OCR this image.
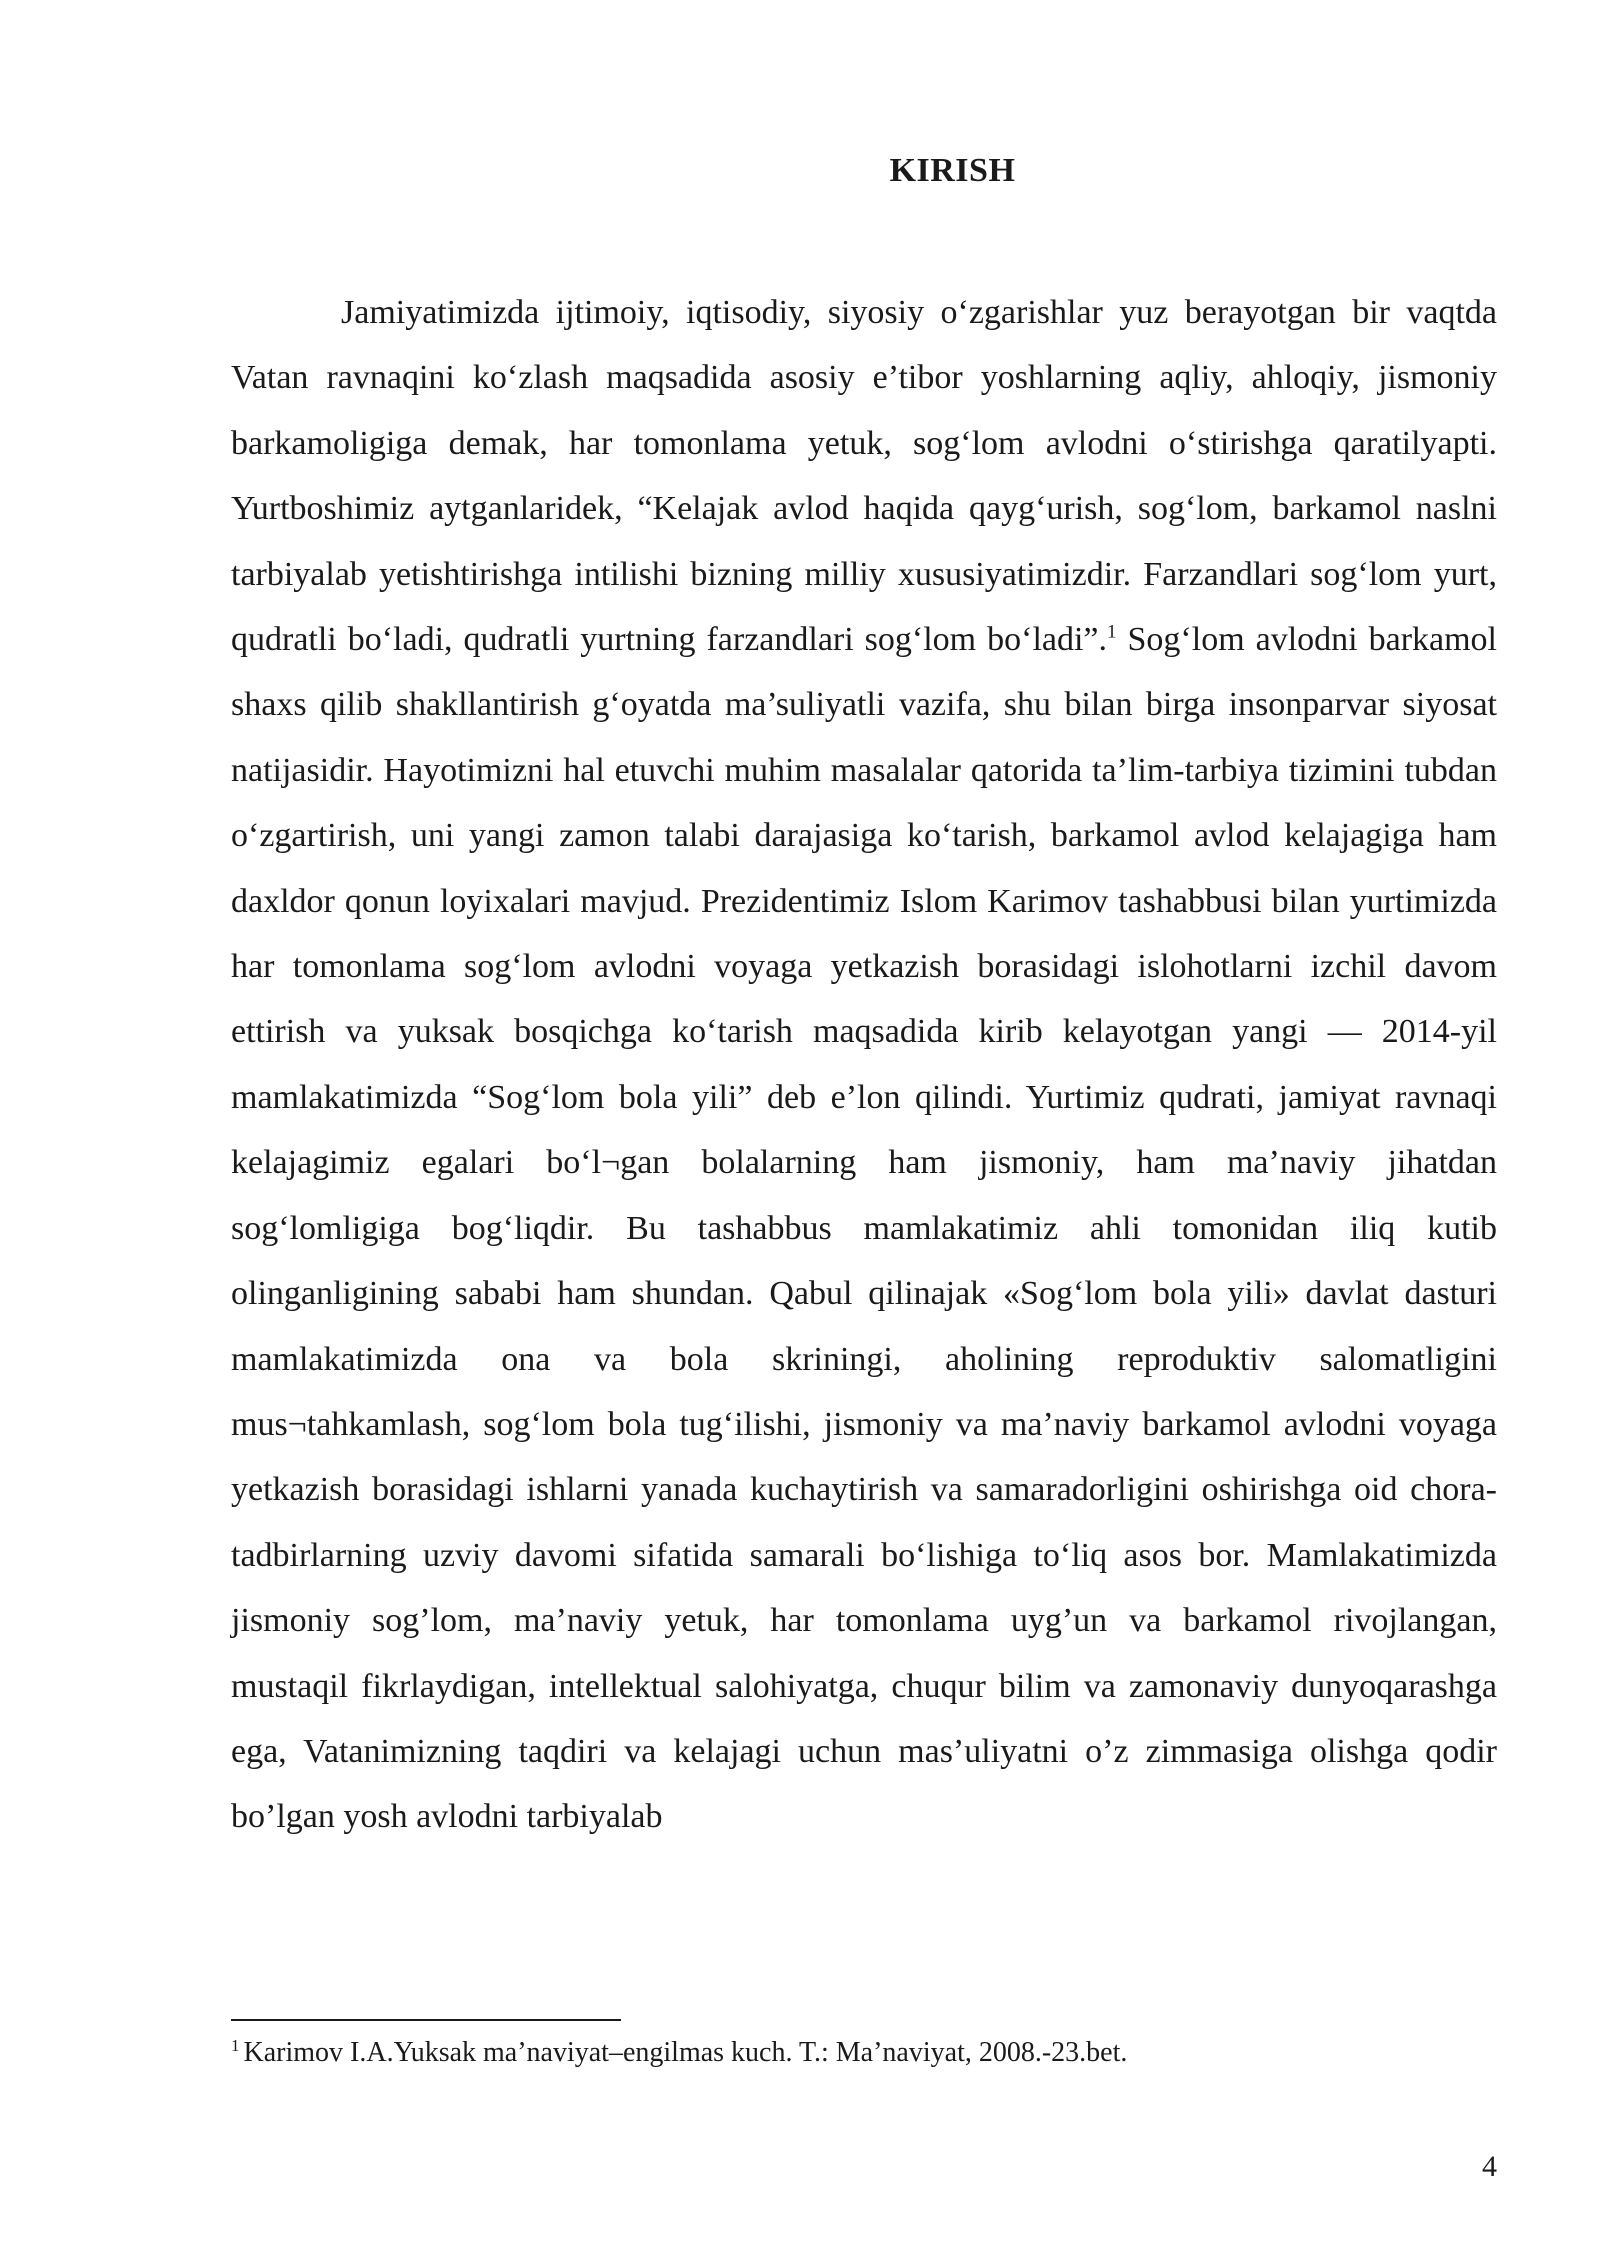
KIRISH

Jamiyatimizda ijtimoiy, iqtisodiy, siyosiy o‘zgarishlar yuz berayotgan bir vaqtda Vatan ravnaqini ko‘zlash maqsadida asosiy e’tibor yoshlarning aqliy, ahloqiy, jismoniy barkamoligiga demak, har tomonlama yetuk, sog‘lom avlodni o‘stirishga qaratilyapti. Yurtboshimiz aytganlaridek, “Kelajak avlod haqida qayg‘urish, sog‘lom, barkamol naslni tarbiyalab yetishtirishga intilishi bizning milliy xususiyatimizdir. Farzandlari sog‘lom yurt, qudratli bo‘ladi, qudratli yurtning farzandlari sog‘lom bo‘ladi”.$^1$ Sog‘lom avlodni barkamol shaxs qilib shakllantirish g‘oyatda ma’suliyatli vazifa, shu bilan birga insonparvar siyosat natijasidir. Hayotimizni hal etuvchi muhim masalalar qatorida ta’lim-tarbiya tizimini tubdan o‘zgartirish, uni yangi zamon talabi darajasiga ko‘tarish, barkamol avlod kelajagiga ham daxldor qonun loyixalari mavjud. Prezidentimiz Islom Karimov tashabbusi bilan yurtimizda har tomonlama sog‘lom avlodni voyaga yetkazish borasidagi islohotlarni izchil davom ettirish va yuksak bosqichga ko‘tarish maqsadida kirib kelayotgan yangi — 2014-yil mamlakatimizda “Sog‘lom bola yili” deb e’lon qilindi. Yurtimiz qudrati, jamiyat ravnaqi kelajagimiz egalari bo‘l¬gan bolalarning ham jismoniy, ham ma’naviy jihatdan sog‘lomligiga bog‘liqdir. Bu tashabbus mamlakatimiz ahli tomonidan iliq kutib olinganligining sababi ham shundan. Qabul qilinajak «Sog‘lom bola yili» davlat dasturi mamlakatimizda ona va bola skriningi, aholining reproduktiv salomatligini mus¬tahkamlash, sog‘lom bola tug‘ilishi, jismoniy va ma’naviy barkamol avlodni voyaga yetkazish borasidagi ishlarni yanada kuchaytirish va samaradorligini oshirishga oid chora-tadbirlarning uzviy davomi sifatida samarali bo‘lishiga to‘liq asos bor. Mamlakatimizda jismoniy sog’lom, ma’naviy yetuk, har tomonlama uyg’un va barkamol rivojlangan, mustaqil fikrlaydigan, intellektual salohiyatga, chuqur bilim va zamonaviy dunyoqarashga ega, Vatanimizning taqdiri va kelajagi uchun mas’uliyatni o’z zimmasiga olishga qodir bo’lgan yosh avlodni tarbiyalab

$^1$ Karimov I.A.Yuksak ma’naviyat–engilmas kuch. T.: Ma’naviyat, 2008.-23.bet.

4
